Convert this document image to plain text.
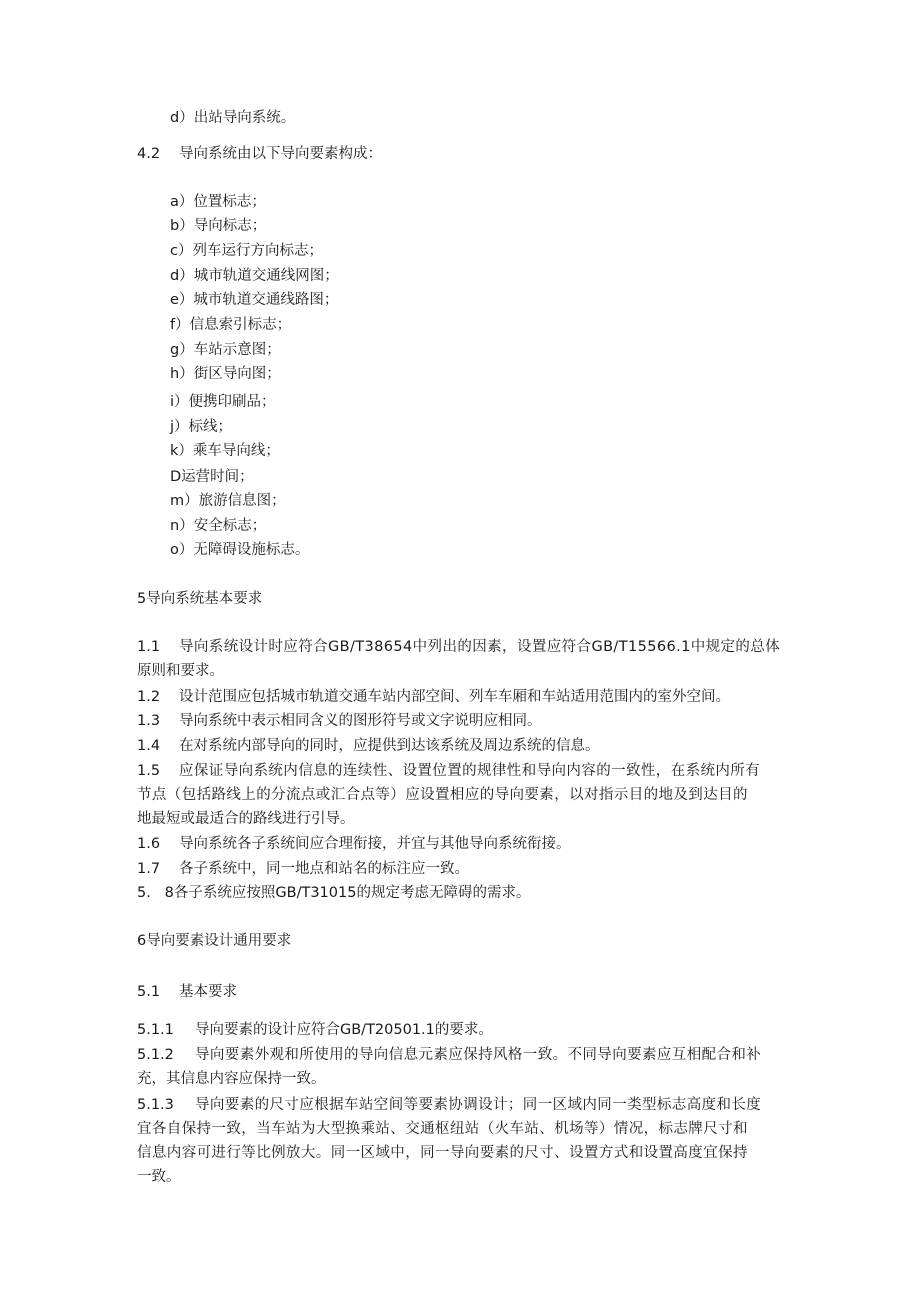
d）出站导向系统。
4.2 导向系统由以下导向要素构成：
a）位置标志；
b）导向标志；
c）列车运行方向标志；
d）城市轨道交通线网图；
e）城市轨道交通线路图；
f）信息索引标志；
g）车站示意图；
h）街区导向图；
i）便携印刷品；
j）标线；
k）乘车导向线；
D运营时间；
m）旅游信息图；
n）安全标志；
o）无障碍设施标志。
5导向系统基本要求
1.1 导向系统设计时应符合GB/T38654中列出的因素，设置应符合GB/T15566.1中规定的总体
原则和要求。
1.2 设计范围应包括城市轨道交通车站内部空间、列车车厢和车站适用范围内的室外空间。
1.3 导向系统中表示相同含义的图形符号或文字说明应相同。
1.4 在对系统内部导向的同时，应提供到达该系统及周边系统的信息。
1.5 应保证导向系统内信息的连续性、设置位置的规律性和导向内容的一致性，在系统内所有
节点（包括路线上的分流点或汇合点等）应设置相应的导向要素，以对指示目的地及到达目的
地最短或最适合的路线进行引导。
1.6 导向系统各子系统间应合理衔接，并宜与其他导向系统衔接。
1.7 各子系统中，同一地点和站名的标注应一致。
5.   8各子系统应按照GB/T31015的规定考虑无障碍的需求。
6导向要素设计通用要求
5.1 基本要求
5.1.1 导向要素的设计应符合GB/T20501.1的要求。
5.1.2 导向要素外观和所使用的导向信息元素应保持风格一致。不同导向要素应互相配合和补
充，其信息内容应保持一致。
5.1.3 导向要素的尺寸应根据车站空间等要素协调设计；同一区域内同一类型标志高度和长度
宜各自保持一致，当车站为大型换乘站、交通枢纽站（火车站、机场等）情况，标志牌尺寸和
信息内容可进行等比例放大。同一区域中，同一导向要素的尺寸、设置方式和设置高度宜保持
一致。
